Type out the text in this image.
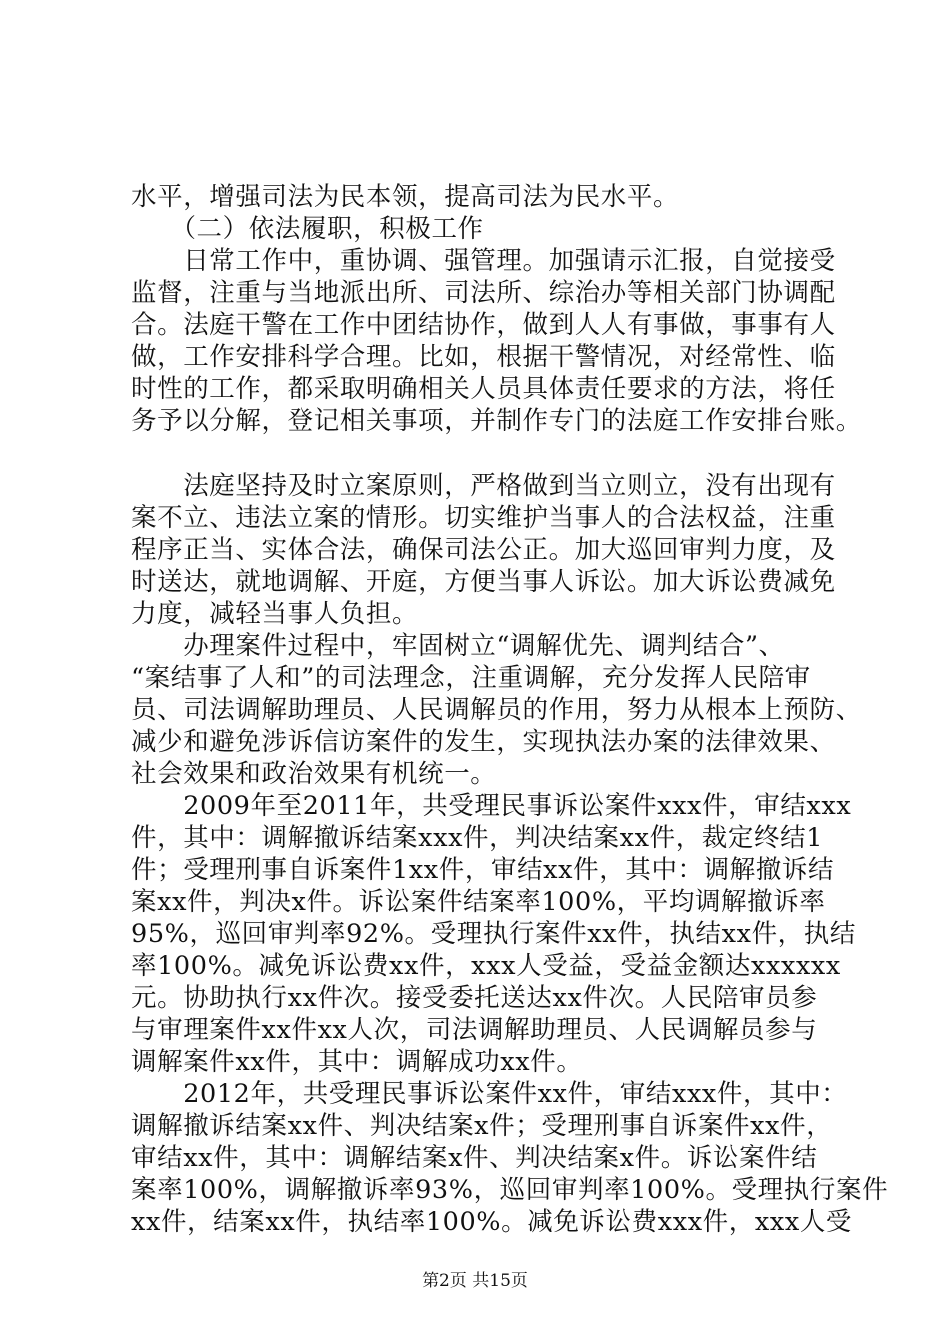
水平，增强司法为民本领，提高司法为民水平。
　　（二）依法履职，积极工作
　　日常工作中，重协调、强管理。加强请示汇报，自觉接受
监督，注重与当地派出所、司法所、综治办等相关部门协调配
合。法庭干警在工作中团结协作，做到人人有事做，事事有人
做，工作安排科学合理。比如，根据干警情况，对经常性、临
时性的工作，都采取明确相关人员具体责任要求的方法，将任
务予以分解，登记相关事项，并制作专门的法庭工作安排台账。
　　法庭坚持及时立案原则，严格做到当立则立，没有出现有
案不立、违法立案的情形。切实维护当事人的合法权益，注重
程序正当、实体合法，确保司法公正。加大巡回审判力度，及
时送达，就地调解、开庭，方便当事人诉讼。加大诉讼费减免
力度，减轻当事人负担。
　　办理案件过程中，牢固树立“调解优先、调判结合”、
“案结事了人和”的司法理念，注重调解，充分发挥人民陪审
员、司法调解助理员、人民调解员的作用，努力从根本上预防、
减少和避免涉诉信访案件的发生，实现执法办案的法律效果、
社会效果和政治效果有机统一。
　　2009年至2011年，共受理民事诉讼案件xxx件，审结xxx
件，其中：调解撤诉结案xxx件，判决结案xx件，裁定终结1
件；受理刑事自诉案件1xx件，审结xx件，其中：调解撤诉结
案xx件，判决x件。诉讼案件结案率100%，平均调解撤诉率
95%，巡回审判率92%。受理执行案件xx件，执结xx件，执结
率100%。减免诉讼费xx件，xxx人受益，受益金额达xxxxxx
元。协助执行xx件次。接受委托送达xx件次。人民陪审员参
与审理案件xx件xx人次，司法调解助理员、人民调解员参与
调解案件xx件，其中：调解成功xx件。
　　2012年，共受理民事诉讼案件xx件，审结xxx件，其中：
调解撤诉结案xx件、判决结案x件；受理刑事自诉案件xx件，
审结xx件，其中：调解结案x件、判决结案x件。诉讼案件结
案率100%，调解撤诉率93%，巡回审判率100%。受理执行案件
xx件，结案xx件，执结率100%。减免诉讼费xxx件，xxx人受
第2页 共15页
